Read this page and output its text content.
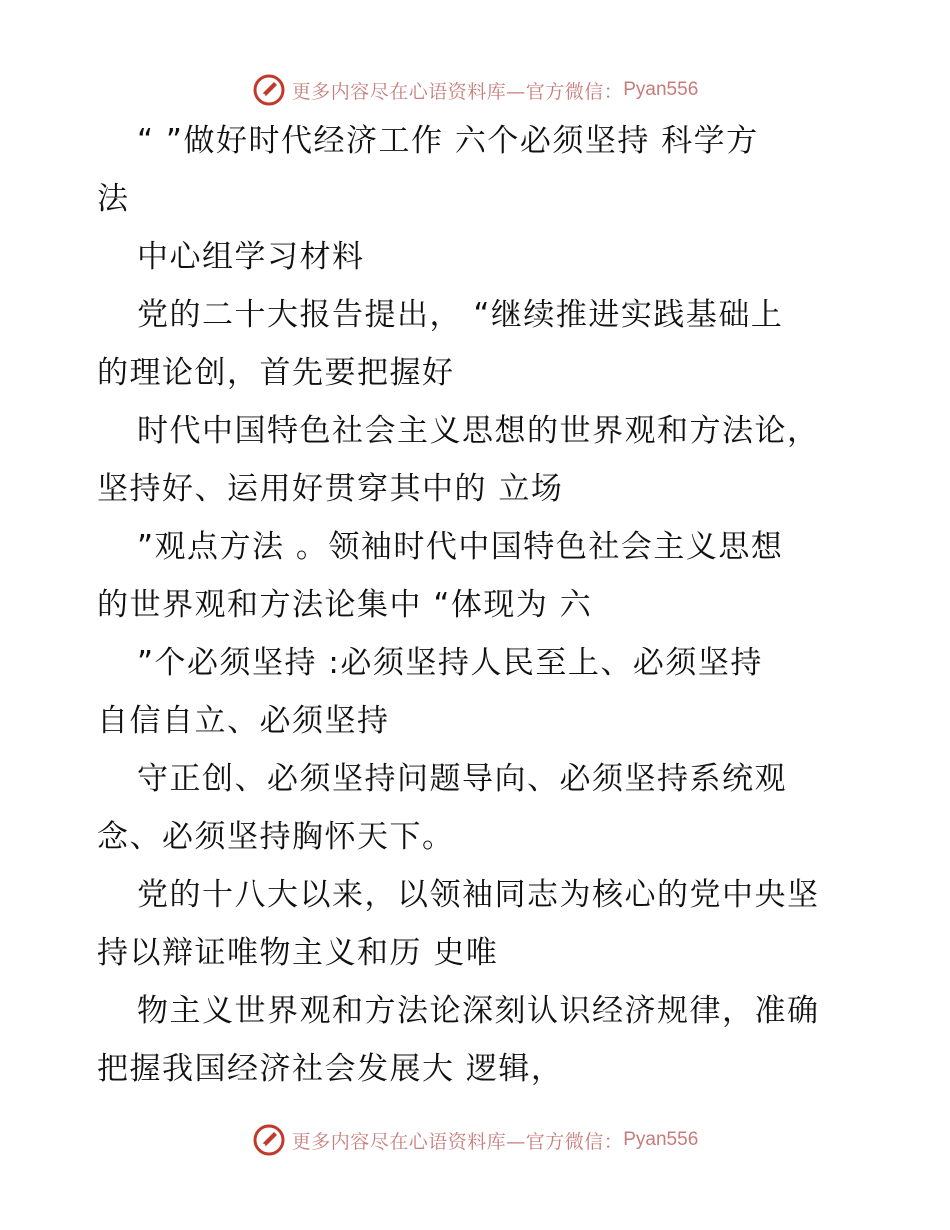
更多内容尽在心语资料库—官方微信： Pyan556
“ ”做好时代经济工作 六个必须坚持 科学方
法
中心组学习材料
党的二十大报告提出， “继续推进实践基础上
的理论创，首先要把握好
时代中国特色社会主义思想的世界观和方法论，
坚持好、运用好贯穿其中的 立场
”观点方法 。领袖时代中国特色社会主义思想
的世界观和方法论集中 “体现为 六
”个必须坚持 :必须坚持人民至上、必须坚持
自信自立、必须坚持
守正创、必须坚持问题导向、必须坚持系统观
念、必须坚持胸怀天下。
党的十八大以来，以领袖同志为核心的党中央坚
持以辩证唯物主义和历 史唯
物主义世界观和方法论深刻认识经济规律，准确
把握我国经济社会发展大 逻辑，
更多内容尽在心语资料库—官方微信： Pyan556
